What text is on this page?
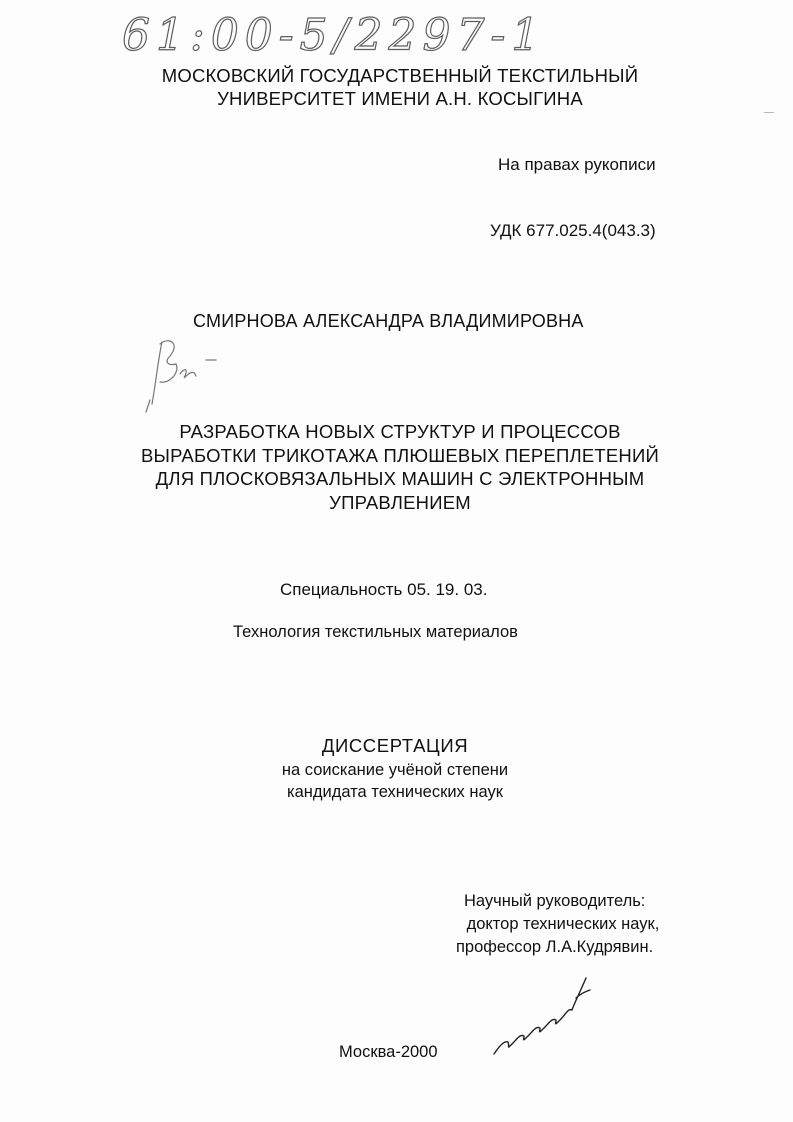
61:00-5/2297-1
МОСКОВСКИЙ ГОСУДАРСТВЕННЫЙ ТЕКСТИЛЬНЫЙ
УНИВЕРСИТЕТ ИМЕНИ А.Н. КОСЫГИНА
На правах рукописи
УДК 677.025.4(043.3)
СМИРНОВА АЛЕКСАНДРА ВЛАДИМИРОВНА
РАЗРАБОТКА НОВЫХ СТРУКТУР И ПРОЦЕССОВ
ВЫРАБОТКИ ТРИКОТАЖА ПЛЮШЕВЫХ ПЕРЕПЛЕТЕНИЙ
ДЛЯ ПЛОСКОВЯЗАЛЬНЫХ МАШИН С ЭЛЕКТРОННЫМ
УПРАВЛЕНИЕМ
Специальность 05. 19. 03.
Технология текстильных материалов
ДИССЕРТАЦИЯ
на соискание учёной степени
кандидата технических наук
Научный руководитель:
доктор технических наук,
профессор Л.А.Кудрявин.
Москва-2000
